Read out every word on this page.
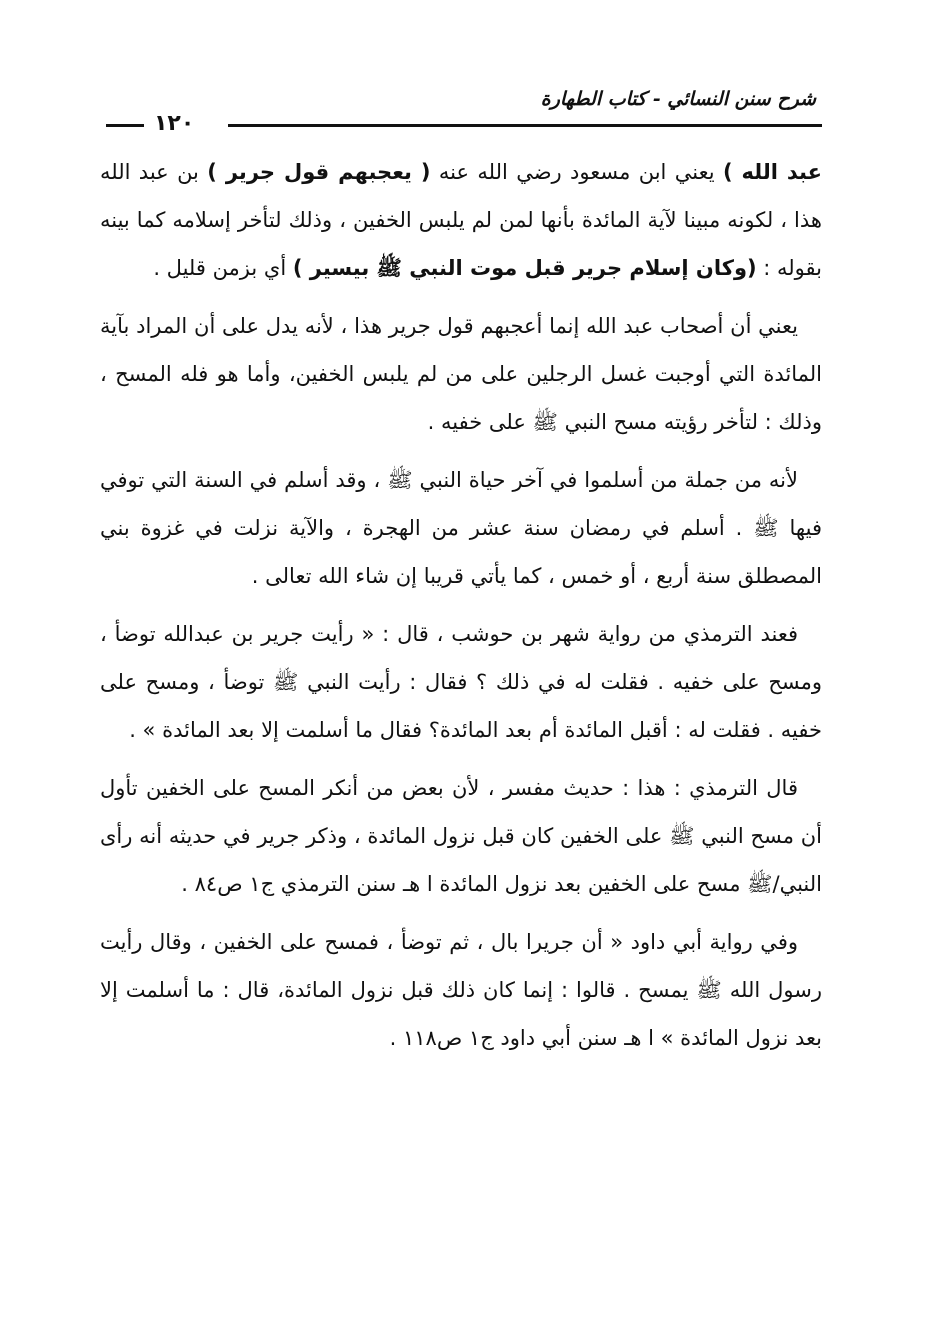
شرح سنن النسائي - كتاب الطهارة
١٢٠

عبد الله ) يعني ابن مسعود رضي الله عنه ( يعجبهم قول جرير ) بن عبد الله هذا ، لكونه مبينا لآية المائدة بأنها لمن لم يلبس الخفين ، وذلك لتأخر إسلامه كما بينه بقوله : (وكان إسلام جرير قبل موت النبي ﷺ بيسير ) أي بزمن قليل .

يعني أن أصحاب عبد الله إنما أعجبهم قول جرير هذا ، لأنه يدل على أن المراد بآية المائدة التي أوجبت غسل الرجلين على من لم يلبس الخفين، وأما هو فله المسح ، وذلك : لتأخر رؤيته مسح النبي ﷺ على خفيه .

لأنه من جملة من أسلموا في آخر حياة النبي ﷺ ، وقد أسلم في السنة التي توفي فيها ﷺ . أسلم في رمضان سنة عشر من الهجرة ، والآية نزلت في غزوة بني المصطلق سنة أربع ، أو خمس ، كما يأتي قريبا إن شاء الله تعالى .

فعند الترمذي من رواية شهر بن حوشب ، قال : « رأيت جرير بن عبدالله توضأ ، ومسح على خفيه . فقلت له في ذلك ؟ فقال : رأيت النبي ﷺ توضأ ، ومسح على خفيه . فقلت له : أقبل المائدة أم بعد المائدة؟ فقال ما أسلمت إلا بعد المائدة » .

قال الترمذي : هذا : حديث مفسر ، لأن بعض من أنكر المسح على الخفين تأول أن مسح النبي ﷺ على الخفين كان قبل نزول المائدة ، وذكر جرير في حديثه أنه رأى النبي/ﷺ مسح على الخفين بعد نزول المائدة ا هـ سنن الترمذي ج١ ص٨٤ .

وفي رواية أبي داود « أن جريرا بال ، ثم توضأ ، فمسح على الخفين ، وقال رأيت رسول الله ﷺ يمسح . قالوا : إنما كان ذلك قبل نزول المائدة، قال : ما أسلمت إلا بعد نزول المائدة » ا هـ سنن أبي داود ج١ ص١١٨ .
